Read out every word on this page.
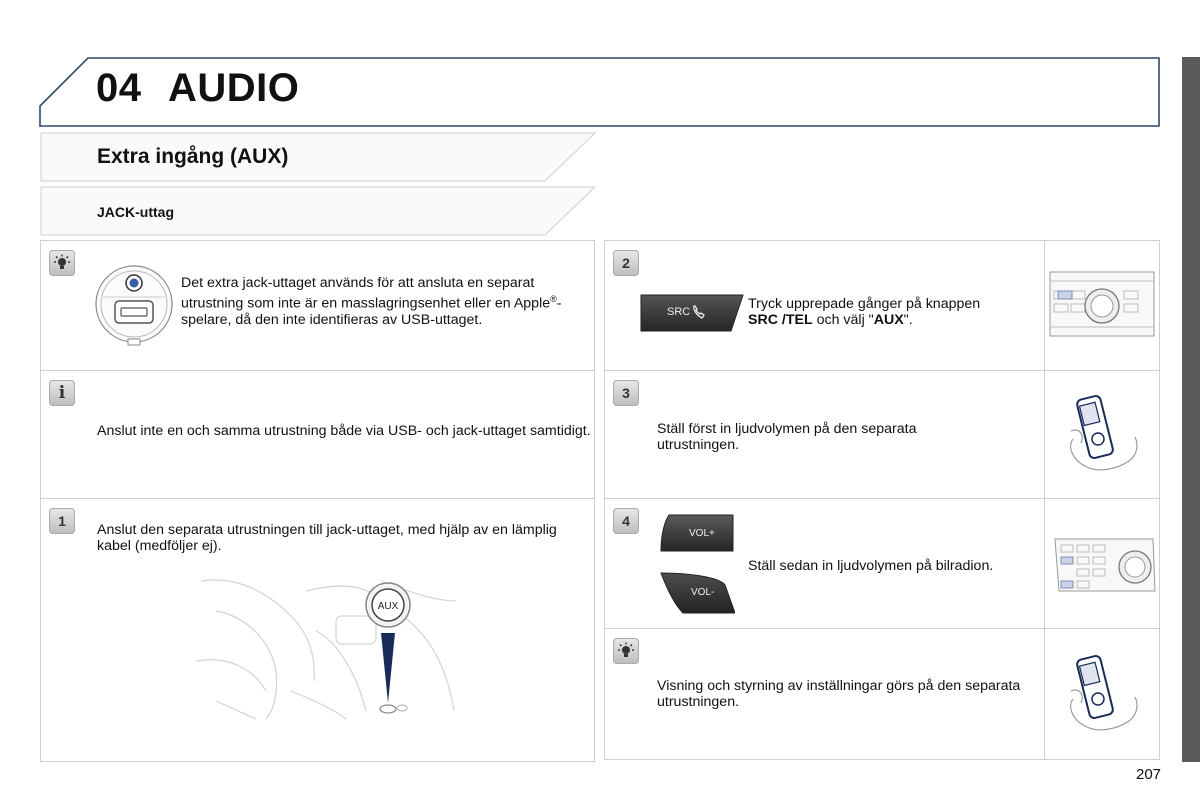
04 AUDIO
Extra ingång (AUX)
JACK-uttag
Det extra jack-uttaget används för att ansluta en separat utrustning som inte är en masslagringsenhet eller en Apple®-spelare, då den inte identifieras av USB-uttaget.
i
Anslut inte en och samma utrustning både via USB- och jack-uttaget samtidigt.
1
Anslut den separata utrustningen till jack-uttaget, med hjälp av en lämplig kabel (medföljer ej).
AUX
2
SRC	Tryck upprepade gånger på knappen
SRC /TEL och välj "AUX".
3
Ställ först in ljudvolymen på den separata utrustningen.
4
VOL+
VOL-
Ställ sedan in ljudvolymen på bilradion.
Visning och styrning av inställningar görs på den separata utrustningen.
207
